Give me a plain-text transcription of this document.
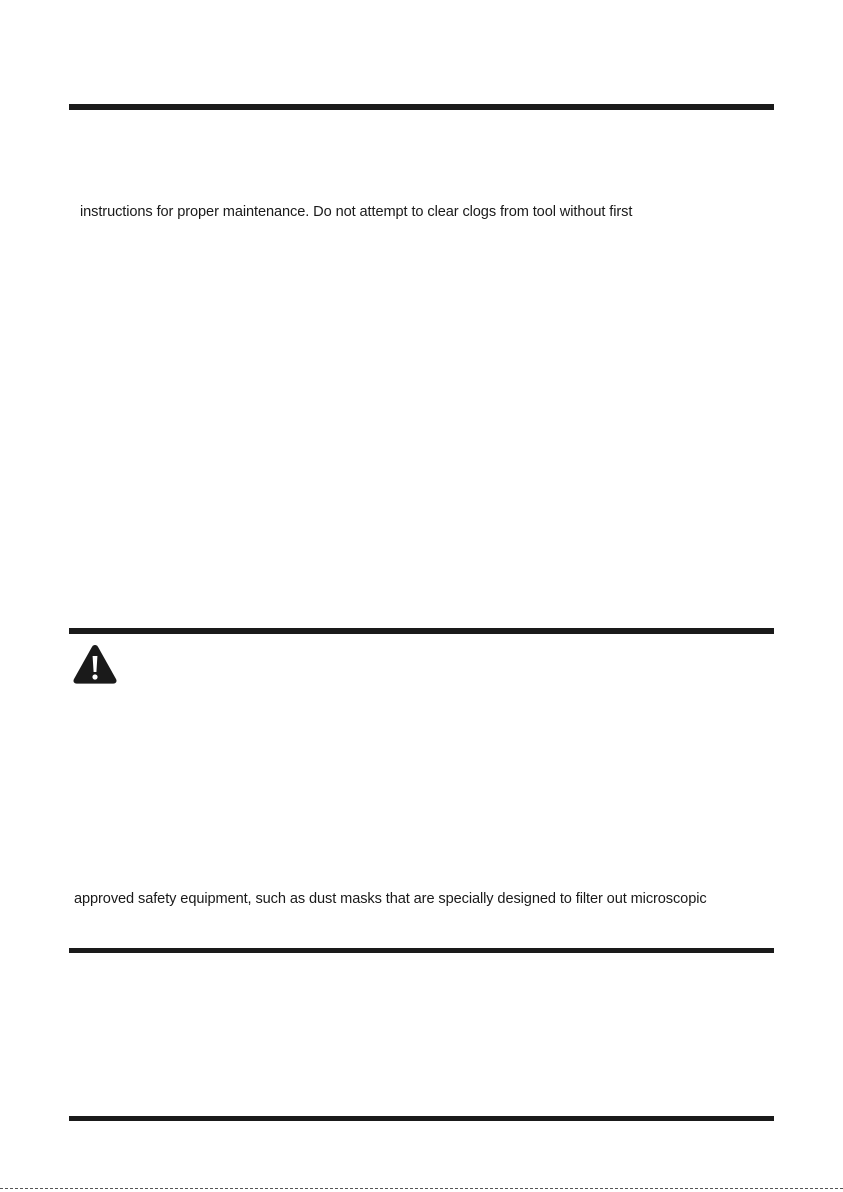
instructions for proper maintenance. Do not attempt to clear clogs from tool without first
approved safety equipment, such as dust masks that are specially designed to filter out microscopic
